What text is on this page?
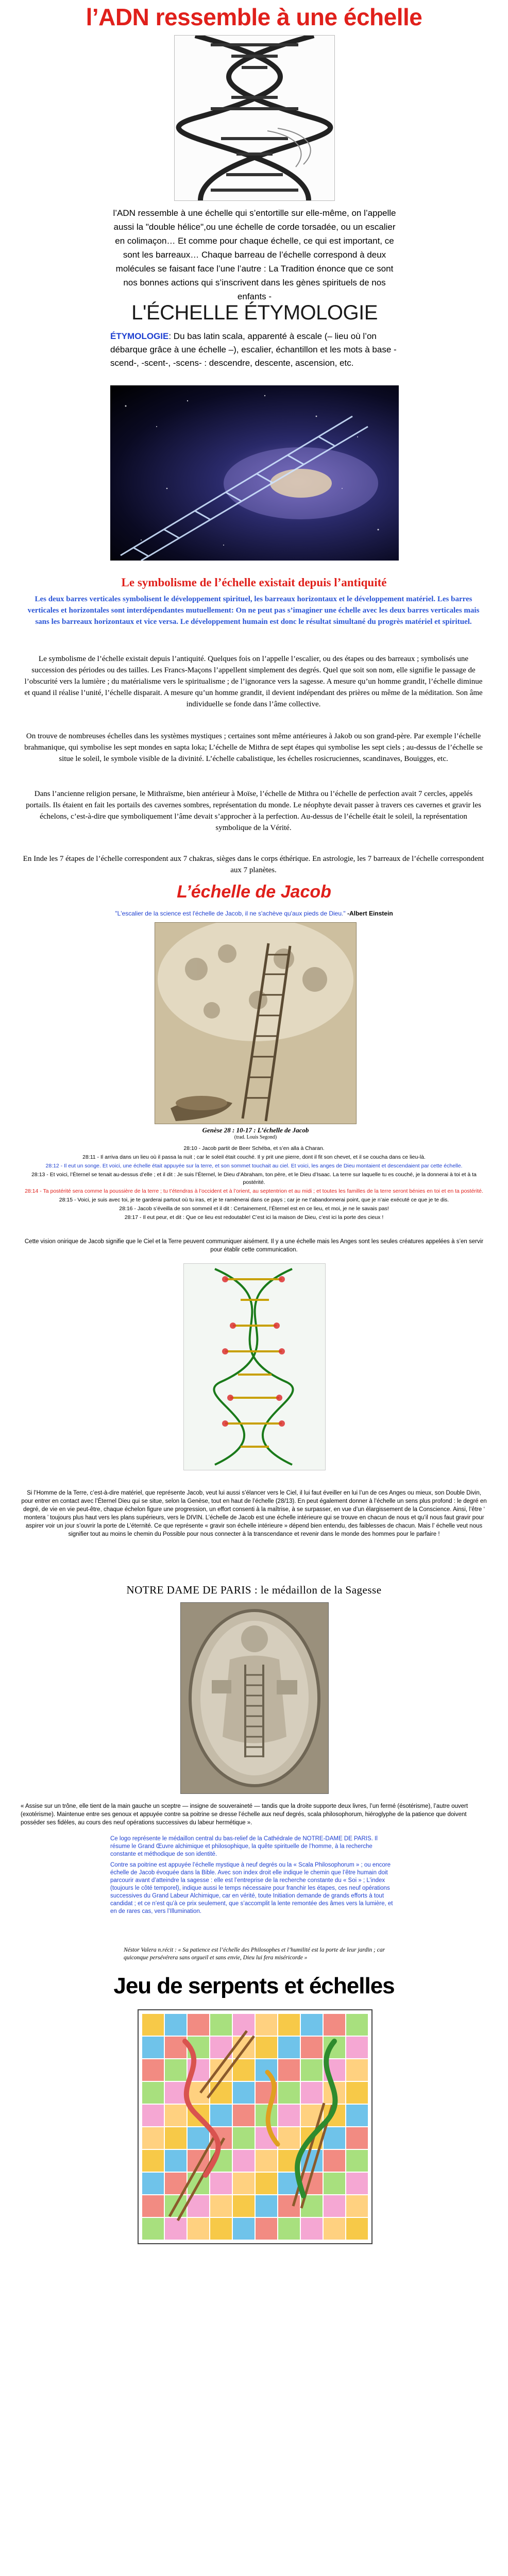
l’ADN ressemble à une échelle
l’ADN ressemble à une échelle qui s’entortille sur elle-même, on l’appelle aussi la "double hélice",ou une échelle de corde torsadée, ou un escalier en colimaçon… Et comme pour chaque échelle, ce qui est important, ce sont les barreaux… Chaque barreau de l’échelle correspond à deux molécules se faisant face l’une l’autre : La Tradition énonce que ce sont nos bonnes actions qui s’inscrivent dans les gènes spirituels de nos enfants -
L'ÉCHELLE ÉTYMOLOGIE
ÉTYMOLOGIE: Du bas latin scala, apparenté à escale (– lieu où l’on débarque grâce à une échelle –), escalier, échantillon et les mots à base -scend-, -scent-, -scens- : descendre, descente, ascension, etc.
Le symbolisme de l’échelle existait depuis l’antiquité
Les deux barres verticales symbolisent le développement spirituel, les barreaux horizontaux et le développement matériel. Les barres verticales et horizontales sont interdépendantes mutuellement: On ne peut pas s’imaginer une échelle avec les deux barres verticales mais sans les barreaux horizontaux et vice versa. Le développement humain est donc le résultat simultané du progrès matériel et spirituel.
Le symbolisme de l’échelle existait depuis l’antiquité. Quelques fois on l’appelle l’escalier, ou des étapes ou des barreaux ; symbolisés une succession des périodes ou des tailles. Les Francs-Maçons l’appellent simplement des degrés. Quel que soit son nom, elle signifie le passage de l’obscurité vers la lumière ; du matérialisme vers le spiritualisme ; de l’ignorance vers la sagesse. A mesure qu’un homme grandit, l’échelle diminue et quand il réalise l’unité, l’échelle disparait. A mesure qu’un homme grandit, il devient indépendant des prières ou même de la méditation. Son âme individuelle se fonde dans l’âme collective.
On trouve de nombreuses échelles dans les systèmes mystiques ; certaines sont même antérieures à Jakob ou son grand-père. Par exemple l’échelle brahmanique, qui symbolise les sept mondes en sapta loka; L’échelle de Mithra de sept étapes qui symbolise les sept ciels ; au-dessus de l’échelle se situe le soleil, le symbole visible de la divinité. L’échelle cabalistique, les échelles rosicruciennes, scandinaves, Bouigges, etc.
Dans l’ancienne religion persane, le Mithraïsme, bien antérieur à Moïse, l’échelle de Mithra ou l’échelle de perfection avait 7 cercles, appelés portails. Ils étaient en fait les portails des cavernes sombres, représentation du monde. Le néophyte devait passer à travers ces cavernes et gravir les échelons, c’est-à-dire que symboliquement l’âme devait s’approcher à la perfection. Au-dessus de l’échelle était le soleil, la représentation symbolique de la Vérité.
En Inde les 7 étapes de l’échelle correspondent aux 7 chakras, sièges dans le corps éthérique. En astrologie, les 7 barreaux de l’échelle correspondent aux 7 planètes.
L’échelle de Jacob
"L'escalier de la science est l'échelle de Jacob, il ne s'achève qu'aux pieds de Dieu." -Albert Einstein
Genèse 28 : 10-17 : L’échelle de Jacob
(trad. Louis Segond)

28:10 - Jacob partit de Beer Schéba, et s’en alla à Charan.

28:11 - Il arriva dans un lieu où il passa la nuit ; car le soleil était couché. Il y prit une pierre, dont il fit son chevet, et il se coucha dans ce lieu-là.

28:12 - Il eut un songe. Et voici, une échelle était appuyée sur la terre, et son sommet touchait au ciel. Et voici, les anges de Dieu montaient et descendaient par cette échelle.

28:13 - Et voici, l’Éternel se tenait au-dessus d’elle ; et il dit : Je suis l’Éternel, le Dieu d’Abraham, ton père, et le Dieu d’Isaac. La terre sur laquelle tu es couché, je la donnerai à toi et à ta postérité.

28:14 - Ta postérité sera comme la poussière de la terre ; tu t’étendras à l’occident et à l’orient, au septentrion et au midi ; et toutes les familles de la terre seront bénies en toi et en ta postérité.

28:15 - Voici, je suis avec toi, je te garderai partout où tu iras, et je te ramènerai dans ce pays ; car je ne t’abandonnerai point, que je n’aie exécuté ce que je te dis.

28:16 - Jacob s’éveilla de son sommeil et il dit : Certainement, l’Éternel est en ce lieu, et moi, je ne le savais pas!

28:17 - Il eut peur, et dit : Que ce lieu est redoutable! C’est ici la maison de Dieu, c’est ici la porte des cieux !

Cette vision onirique de Jacob signifie que le Ciel et la Terre peuvent communiquer aisément. Il y a une échelle mais les Anges sont les seules créatures appelées à s’en servir pour établir cette communication.
Si l’Homme de la Terre, c’est-à-dire matériel, que représente Jacob, veut lui aussi s’élancer vers le Ciel, il lui faut éveiller en lui l’un de ces Anges ou mieux, son Double Divin, pour entrer en contact avec l’Éternel Dieu qui se situe, selon la Genèse, tout en haut de l’échelle (28/13). En peut également donner à l’échelle un sens plus profond : le degré en degré, de vie en vie peut-être, chaque échelon figure une progression, un effort consenti à la maîtrise, à se surpasser, en vue d’un élargissement de la Conscience. Ainsi, l’être ‘ montera ’ toujours plus haut vers les plans supérieurs, vers le DIVIN. L’échelle de Jacob est une échelle intérieure qui se trouve en chacun de nous et qu’il nous faut gravir pour aspirer voir un jour s’ouvrir la porte de L’éternité. Ce que représente « gravir son échelle intérieure » dépend bien entendu, des faiblesses de chacun. Mais l’ échelle veut nous signifier tout au moins le chemin du Possible pour nous connecter à la transcendance et revenir dans le monde des hommes pour le parfaire !
NOTRE DAME DE PARIS : le médaillon de la Sagesse
« Assise sur un trône, elle tient de la main gauche un sceptre — insigne de souveraineté — tandis que la droite supporte deux livres, l’un fermé (ésotérisme), l’autre ouvert (exotérisme). Maintenue entre ses genoux et appuyée contre sa poitrine se dresse l’échelle aux neuf degrés, scala philosophorum, hiéroglyphe de la patience que doivent posséder ses fidèles, au cours des neuf opérations successives du labeur hermétique ».

Ce logo représente le médaillon central du bas-relief de la Cathédrale de NOTRE-DAME DE PARIS. Il résume le Grand Œuvre alchimique et philosophique, la quête spirituelle de l’homme, à la recherche constante et méthodique de son identité.

Contre sa poitrine est appuyée l’échelle mystique à neuf degrés ou la « Scala Philosophorum » ; ou encore échelle de Jacob évoquée dans la Bible. Avec son index droit elle indique le chemin que l’être humain doit parcourir avant d’atteindre la sagesse : elle est l’entreprise de la recherche constante du « Soi » ; L’index (toujours le côté temporel), indique aussi le temps nécessaire pour franchir les étapes, ces neuf opérations successives du Grand Labeur Alchimique, car en vérité, toute Initiation demande de grands efforts à tout candidat ; et ce n’est qu’à ce prix seulement, que s’accomplit la lente remontée des âmes vers la lumière, et en de rares cas, vers l’Illumination.

Néstor Valera n.récit : « Sa patience est l’échelle des Philosophes et l’humilité est la porte de leur jardin ; car quiconque persévérera sans orgueil et sans envie, Dieu lui fera miséricorde »
Jeu de serpents et échelles
